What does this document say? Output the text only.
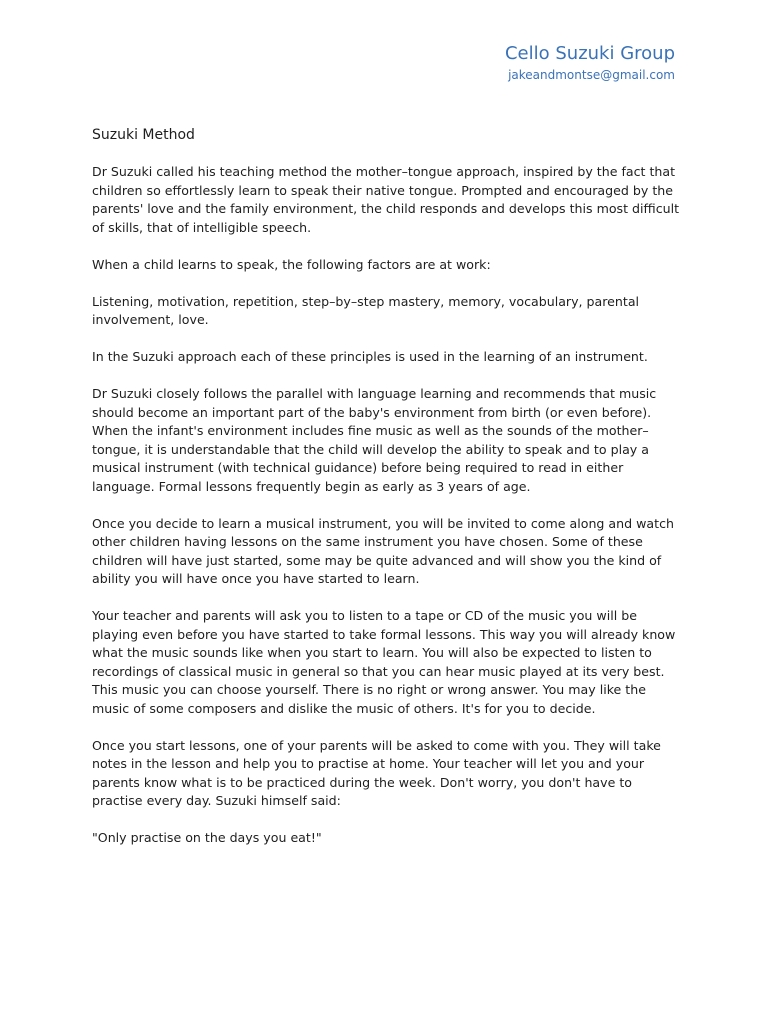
Cello Suzuki Group
jakeandmontse@gmail.com
Suzuki Method

Dr Suzuki called his teaching method the mother–tongue approach, inspired by the fact that children so effortlessly learn to speak their native tongue. Prompted and encouraged by the parents' love and the family environment, the child responds and develops this most difficult of skills, that of intelligible speech.

When a child learns to speak, the following factors are at work:

Listening, motivation, repetition, step–by–step mastery, memory, vocabulary, parental involvement, love.

In the Suzuki approach each of these principles is used in the learning of an instrument.

Dr Suzuki closely follows the parallel with language learning and recommends that music should become an important part of the baby's environment from birth (or even before). When the infant's environment includes fine music as well as the sounds of the mother–tongue, it is understandable that the child will develop the ability to speak and to play a musical instrument (with technical guidance) before being required to read in either language. Formal lessons frequently begin as early as 3 years of age.

Once you decide to learn a musical instrument, you will be invited to come along and watch other children having lessons on the same instrument you have chosen. Some of these children will have just started, some may be quite advanced and will show you the kind of ability you will have once you have started to learn.

Your teacher and parents will ask you to listen to a tape or CD of the music you will be playing even before you have started to take formal lessons. This way you will already know what the music sounds like when you start to learn. You will also be expected to listen to recordings of classical music in general so that you can hear music played at its very best. This music you can choose yourself. There is no right or wrong answer. You may like the music of some composers and dislike the music of others. It's for you to decide.

Once you start lessons, one of your parents will be asked to come with you. They will take notes in the lesson and help you to practise at home. Your teacher will let you and your parents know what is to be practiced during the week. Don't worry, you don't have to practise every day. Suzuki himself said:

"Only practise on the days you eat!"
